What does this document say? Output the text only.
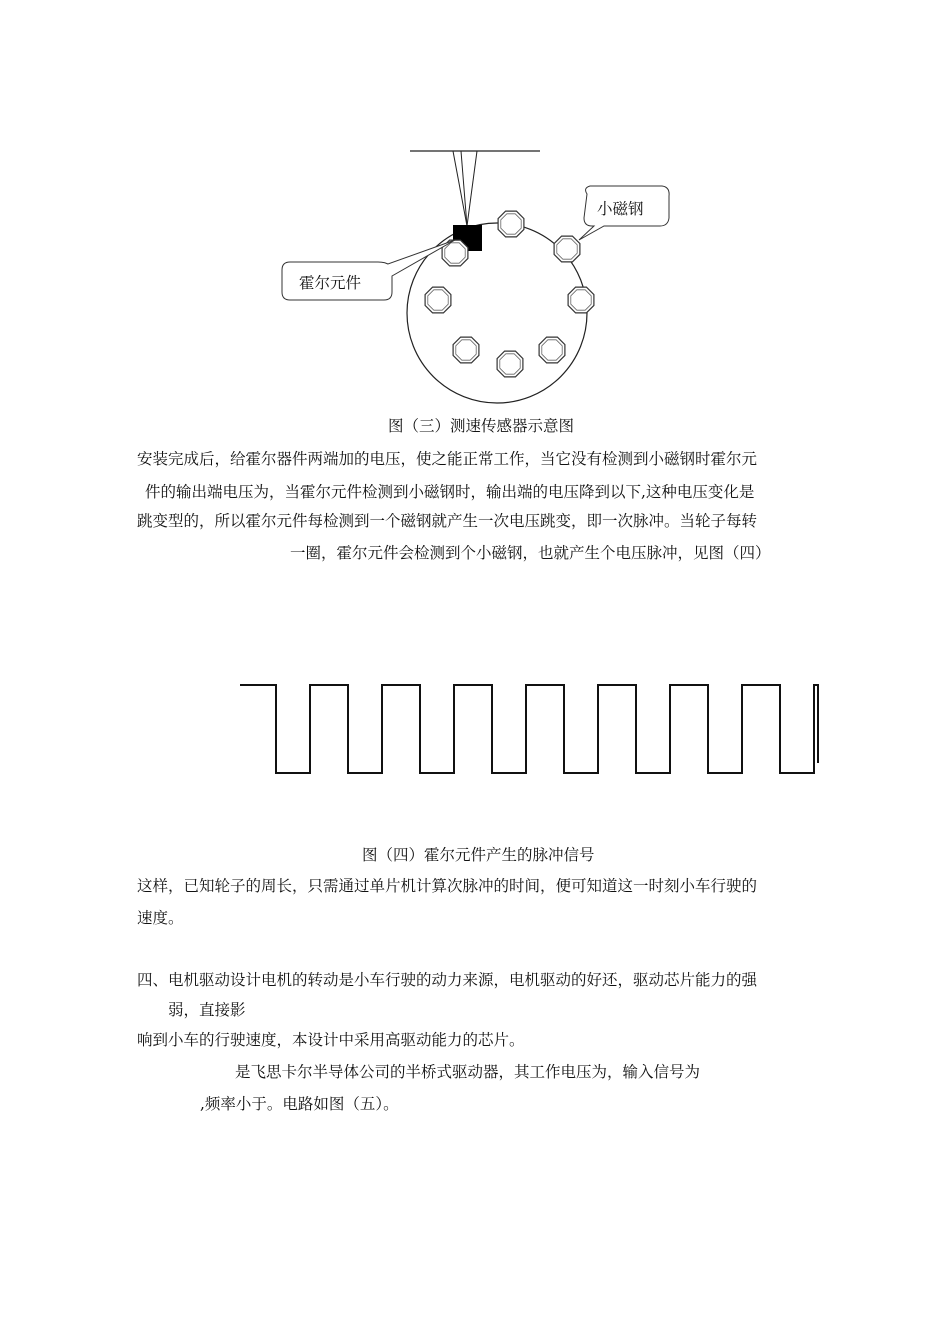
小磁钢
霍尔元件
图（三）测速传感器示意图
安装完成后，给霍尔器件两端加的电压，使之能正常工作，当它没有检测到小磁钢时霍尔元
件的输出端电压为，当霍尔元件检测到小磁钢时，输出端的电压降到以下,这种电压变化是
跳变型的，所以霍尔元件每检测到一个磁钢就产生一次电压跳变，即一次脉冲。当轮子每转
一圈，霍尔元件会检测到个小磁钢，也就产生个电压脉冲，见图（四）
图（四）霍尔元件产生的脉冲信号
这样，已知轮子的周长，只需通过单片机计算次脉冲的时间，便可知道这一时刻小车行驶的
速度。
四、电机驱动设计电机的转动是小车行驶的动力来源，电机驱动的好还，驱动芯片能力的强
弱，直接影
响到小车的行驶速度，本设计中采用高驱动能力的芯片。
是飞思卡尔半导体公司的半桥式驱动器，其工作电压为，输入信号为
,频率小于。电路如图（五）。
